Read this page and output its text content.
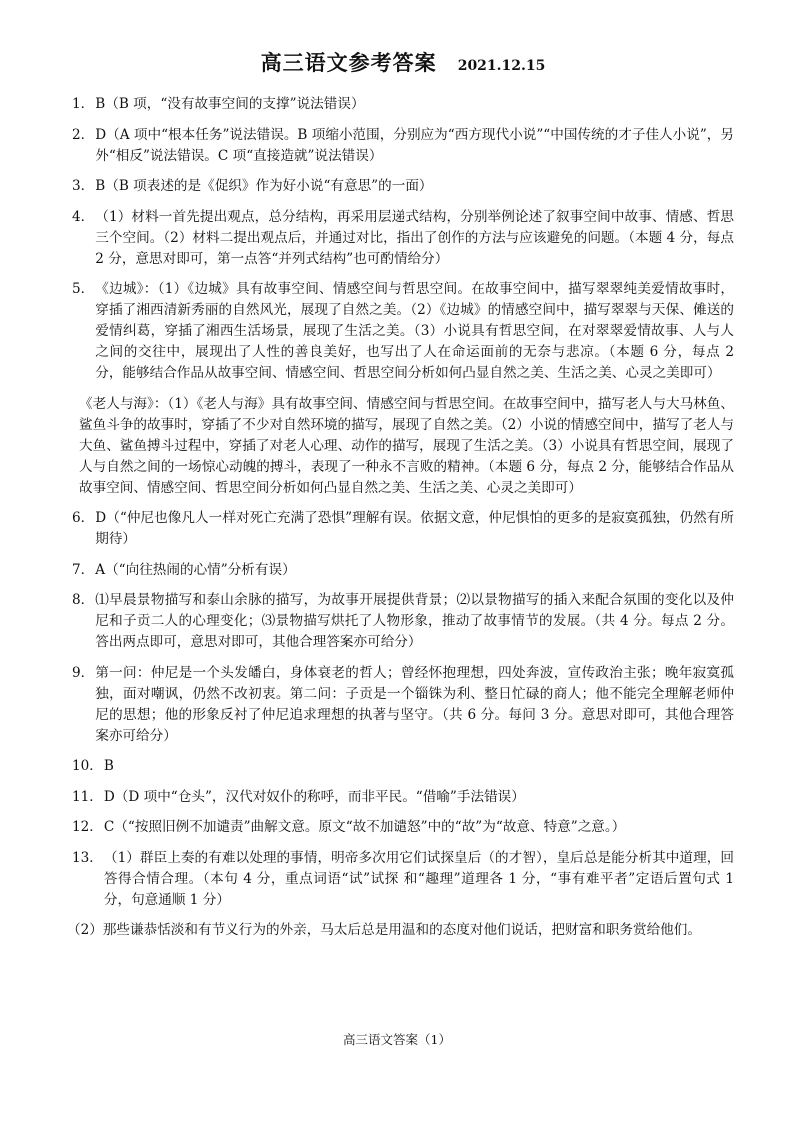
高三语文参考答案 2021.12.15
1． B（B 项，“没有故事空间的支撑”说法错误）
2． D（A 项中“根本任务”说法错误。B 项缩小范围，分别应为“西方现代小说”“中国传统的才子佳人小说”，另外“相反”说法错误。C 项“直接造就”说法错误）
3． B（B 项表述的是《促织》作为好小说“有意思”的一面）
4． （1）材料一首先提出观点，总分结构，再采用层递式结构，分别举例论述了叙事空间中故事、情感、哲思三个空间。（2）材料二提出观点后，并通过对比，指出了创作的方法与应该避免的问题。（本题 4 分，每点 2 分，意思对即可，第一点答“并列式结构”也可酌情给分）
5． 《边城》：（1）《边城》具有故事空间、情感空间与哲思空间。在故事空间中，描写翠翠纯美爱情故事时，穿插了湘西清新秀丽的自然风光，展现了自然之美。（2）《边城》的情感空间中，描写翠翠与天保、傩送的爱情纠葛，穿插了湘西生活场景，展现了生活之美。（3）小说具有哲思空间，在对翠翠爱情故事、人与人之间的交往中，展现出了人性的善良美好，也写出了人在命运面前的无奈与悲凉。（本题 6 分，每点 2 分，能够结合作品从故事空间、情感空间、哲思空间分析如何凸显自然之美、生活之美、心灵之美即可）
《老人与海》：（1）《老人与海》具有故事空间、情感空间与哲思空间。在故事空间中，描写老人与大马林鱼、鲨鱼斗争的故事时，穿插了不少对自然环境的描写，展现了自然之美。（2）小说的情感空间中，描写了老人与大鱼、鲨鱼搏斗过程中，穿插了对老人心理、动作的描写，展现了生活之美。（3）小说具有哲思空间，展现了人与自然之间的一场惊心动魄的搏斗，表现了一种永不言败的精神。（本题 6 分，每点 2 分，能够结合作品从故事空间、情感空间、哲思空间分析如何凸显自然之美、生活之美、心灵之美即可）
6． D（“仲尼也像凡人一样对死亡充满了恐惧”理解有误。依据文意，仲尼惧怕的更多的是寂寞孤独，仍然有所期待）
7． A（“向往热闹的心情”分析有误）
8． ⑴早晨景物描写和泰山余脉的描写，为故事开展提供背景；⑵以景物描写的插入来配合氛围的变化以及仲尼和子贡二人的心理变化；⑶景物描写烘托了人物形象，推动了故事情节的发展。（共 4 分。每点 2 分。答出两点即可，意思对即可，其他合理答案亦可给分）
9． 第一问：仲尼是一个头发皤白，身体衰老的哲人；曾经怀抱理想，四处奔波，宣传政治主张；晚年寂寞孤独，面对嘲讽，仍然不改初衷。第二问：子贡是一个锱铢为利、整日忙碌的商人；他不能完全理解老师仲尼的思想；他的形象反衬了仲尼追求理想的执著与坚守。（共 6 分。每问 3 分。意思对即可，其他合理答案亦可给分）
10． B
11． D（D 项中“仓头”，汉代对奴仆的称呼，而非平民。“借喻”手法错误）
12． C（“按照旧例不加谴责”曲解文意。原文“故不加谴怒”中的“故”为“故意、特意”之意。）
13． （1）群臣上奏的有难以处理的事情，明帝多次用它们试探皇后（的才智），皇后总是能分析其中道理，回答得合情合理。（本句 4 分，重点词语“试”试探 和“趣理”道理各 1 分，“事有难平者”定语后置句式 1 分，句意通顺 1 分）
（2）那些谦恭恬淡和有节义行为的外亲，马太后总是用温和的态度对他们说话，把财富和职务赏给他们。
高三语文答案（1）
